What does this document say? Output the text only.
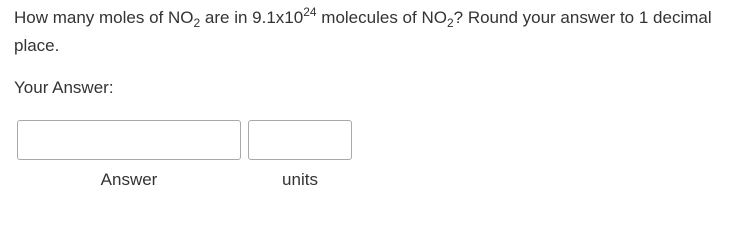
How many moles of $NO_2$ are in $9.1x10^{24}$ molecules of $NO_2$? Round your answer to 1 decimal place.
Your Answer:
Answer	units
